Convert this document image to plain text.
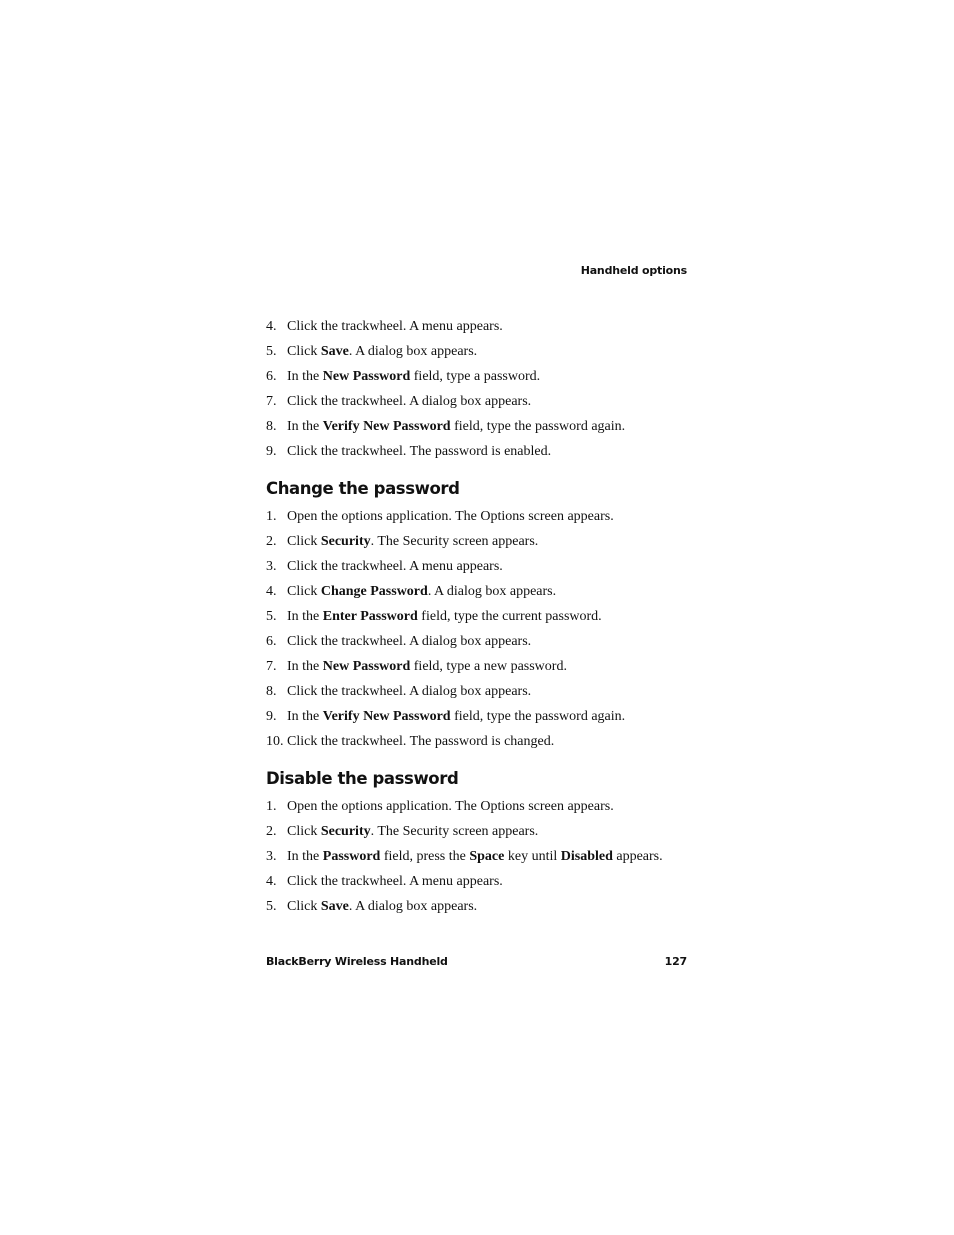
Handheld options
4. Click the trackwheel. A menu appears.
5. Click Save. A dialog box appears.
6. In the New Password field, type a password.
7. Click the trackwheel. A dialog box appears.
8. In the Verify New Password field, type the password again.
9. Click the trackwheel. The password is enabled.
Change the password
1. Open the options application. The Options screen appears.
2. Click Security. The Security screen appears.
3. Click the trackwheel. A menu appears.
4. Click Change Password. A dialog box appears.
5. In the Enter Password field, type the current password.
6. Click the trackwheel. A dialog box appears.
7. In the New Password field, type a new password.
8. Click the trackwheel. A dialog box appears.
9. In the Verify New Password field, type the password again.
10. Click the trackwheel. The password is changed.
Disable the password
1. Open the options application. The Options screen appears.
2. Click Security. The Security screen appears.
3. In the Password field, press the Space key until Disabled appears.
4. Click the trackwheel. A menu appears.
5. Click Save. A dialog box appears.
BlackBerry Wireless Handheld	127
